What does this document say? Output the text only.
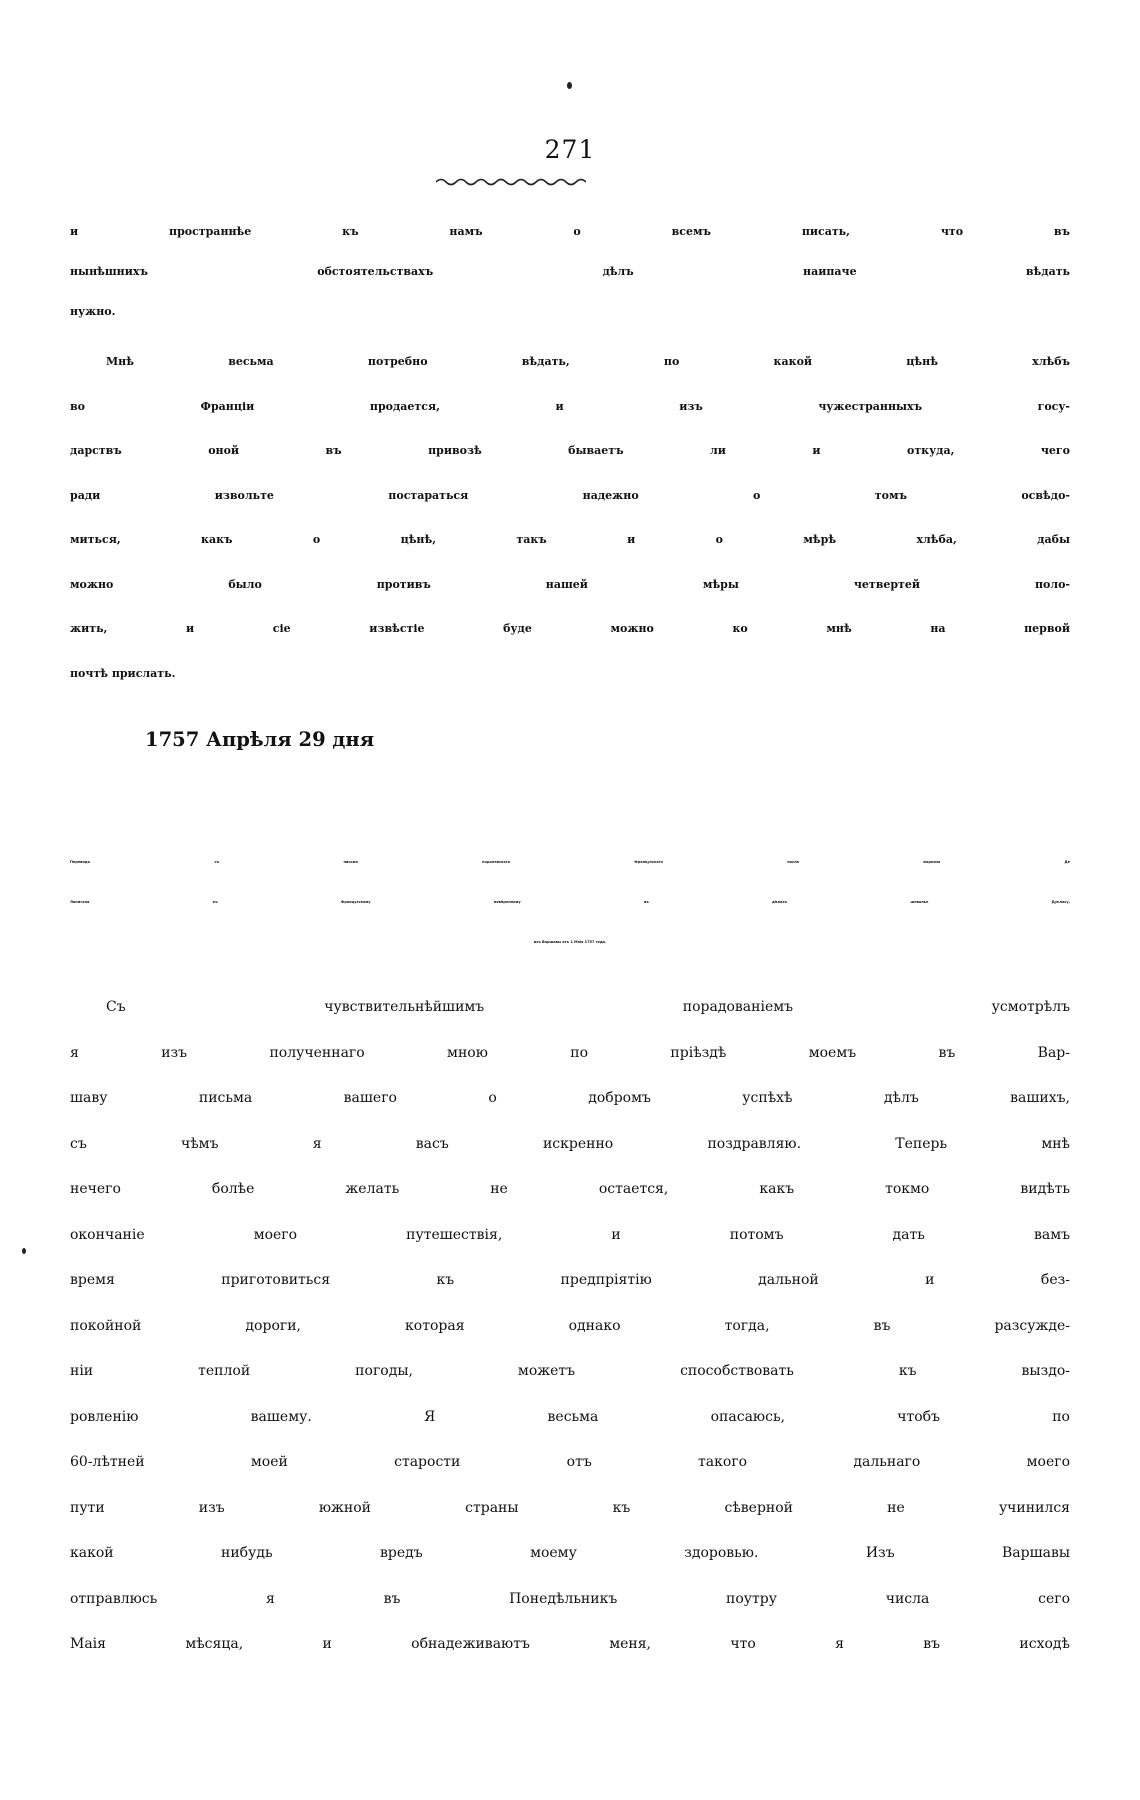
271
и пространнѣе къ намъ о всемъ писать, что въ
нынѣшнихъ обстоятельствахъ дѣлъ наипаче вѣдать
нужно.
Мнѣ весьма потребно вѣдать, по какой цѣнѣ хлѣбъ
во Франціи продается, и изъ чужестранныхъ госу-
дарствъ оной въ привозѣ бываетъ ли и откуда, чего
ради извольте постараться надежно о томъ освѣдо-
миться, какъ о цѣнѣ, такъ и о мѣрѣ хлѣба, дабы
можно было противъ нашей мѣры четвертей поло-
жить, и сіе извѣстіе буде можно ко мнѣ на первой
почтѣ прислать.
1757 Апрѣля 29 дня
Переводъ съ письма королевскаго Французскаго посла маркиза Де
Лопиталя къ Французскому повѣренному въ дѣлахъ шевалье Дукласу,
изъ Варшавы отъ 1 Маія 1757 года.
Съ чувствительнѣйшимъ порадованіемъ усмотрѣлъ
я изъ полученнаго мною по пріѣздѣ моемъ въ Вар-
шаву письма вашего о добромъ успѣхѣ дѣлъ вашихъ,
съ чѣмъ я васъ искренно поздравляю. Теперь мнѣ
нечего болѣе желать не остается, какъ токмо видѣть
окончаніе моего путешествія, и потомъ дать вамъ
время приготовиться къ предпріятію дальной и без-
покойной дороги, которая однако тогда, въ разсужде-
ніи теплой погоды, можетъ способствовать къ выздо-
ровленію вашему. Я весьма опасаюсь, чтобъ по
60-лѣтней моей старости отъ такого дальнаго моего
пути изъ южной страны къ сѣверной не учинился
какой нибудь вредъ моему здоровью. Изъ Варшавы
отправлюсь я въ Понедѣльникъ поутру числа сего
Маія мѣсяца, и обнадеживаютъ меня, что я въ исходѣ
